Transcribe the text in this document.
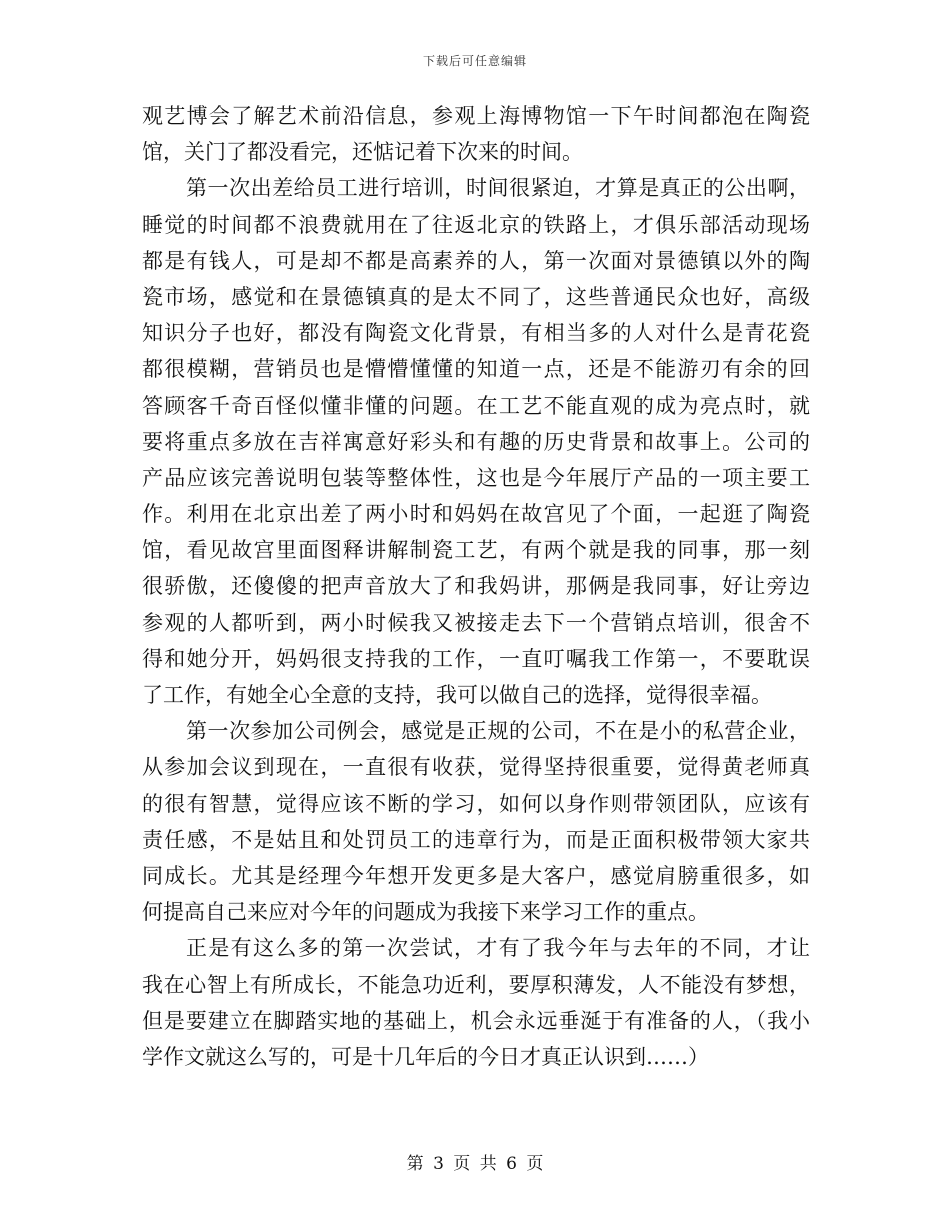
下载后可任意编辑
观艺博会了解艺术前沿信息，参观上海博物馆一下午时间都泡在陶瓷
馆，关门了都没看完，还惦记着下次来的时间。
第一次出差给员工进行培训，时间很紧迫，才算是真正的公出啊，
睡觉的时间都不浪费就用在了往返北京的铁路上，才俱乐部活动现场
都是有钱人，可是却不都是高素养的人，第一次面对景德镇以外的陶
瓷市场，感觉和在景德镇真的是太不同了，这些普通民众也好，高级
知识分子也好，都没有陶瓷文化背景，有相当多的人对什么是青花瓷
都很模糊，营销员也是懵懵懂懂的知道一点，还是不能游刃有余的回
答顾客千奇百怪似懂非懂的问题。在工艺不能直观的成为亮点时，就
要将重点多放在吉祥寓意好彩头和有趣的历史背景和故事上。公司的
产品应该完善说明包装等整体性，这也是今年展厅产品的一项主要工
作。利用在北京出差了两小时和妈妈在故宫见了个面，一起逛了陶瓷
馆，看见故宫里面图释讲解制瓷工艺，有两个就是我的同事，那一刻
很骄傲，还傻傻的把声音放大了和我妈讲，那俩是我同事，好让旁边
参观的人都听到，两小时候我又被接走去下一个营销点培训，很舍不
得和她分开，妈妈很支持我的工作，一直叮嘱我工作第一，不要耽误
了工作，有她全心全意的支持，我可以做自己的选择，觉得很幸福。
第一次参加公司例会，感觉是正规的公司，不在是小的私营企业，
从参加会议到现在，一直很有收获，觉得坚持很重要，觉得黄老师真
的很有智慧，觉得应该不断的学习，如何以身作则带领团队，应该有
责任感，不是姑且和处罚员工的违章行为，而是正面积极带领大家共
同成长。尤其是经理今年想开发更多是大客户，感觉肩膀重很多，如
何提高自己来应对今年的问题成为我接下来学习工作的重点。
正是有这么多的第一次尝试，才有了我今年与去年的不同，才让
我在心智上有所成长，不能急功近利，要厚积薄发，人不能没有梦想，
但是要建立在脚踏实地的基础上，机会永远垂涎于有准备的人，（我小
学作文就这么写的，可是十几年后的今日才真正认识到……）
第 3 页 共 6 页
